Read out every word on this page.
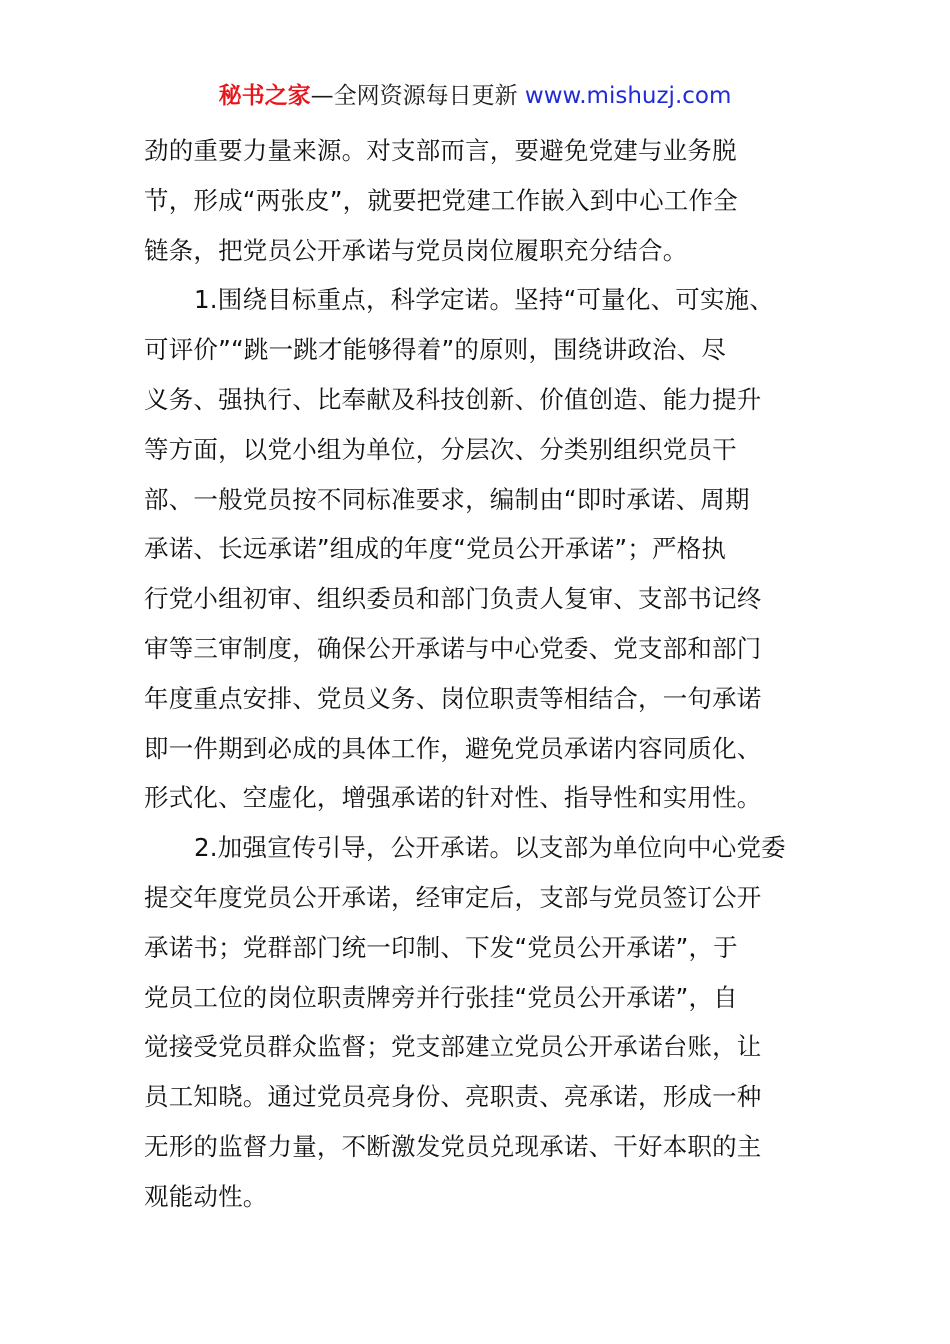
秘书之家—全网资源每日更新 www.mishuzj.com
劲的重要力量来源。对支部而言，要避免党建与业务脱
节，形成“两张皮”，就要把党建工作嵌入到中心工作全
链条，把党员公开承诺与党员岗位履职充分结合。
1.围绕目标重点，科学定诺。坚持“可量化、可实施、
可评价”“跳一跳才能够得着”的原则，围绕讲政治、尽
义务、强执行、比奉献及科技创新、价值创造、能力提升
等方面，以党小组为单位，分层次、分类别组织党员干
部、一般党员按不同标准要求，编制由“即时承诺、周期
承诺、长远承诺”组成的年度“党员公开承诺”；严格执
行党小组初审、组织委员和部门负责人复审、支部书记终
审等三审制度，确保公开承诺与中心党委、党支部和部门
年度重点安排、党员义务、岗位职责等相结合，一句承诺
即一件期到必成的具体工作，避免党员承诺内容同质化、
形式化、空虚化，增强承诺的针对性、指导性和实用性。
2.加强宣传引导，公开承诺。以支部为单位向中心党委
提交年度党员公开承诺，经审定后，支部与党员签订公开
承诺书；党群部门统一印制、下发“党员公开承诺”，于
党员工位的岗位职责牌旁并行张挂“党员公开承诺”，自
觉接受党员群众监督；党支部建立党员公开承诺台账，让
员工知晓。通过党员亮身份、亮职责、亮承诺，形成一种
无形的监督力量，不断激发党员兑现承诺、干好本职的主
观能动性。
